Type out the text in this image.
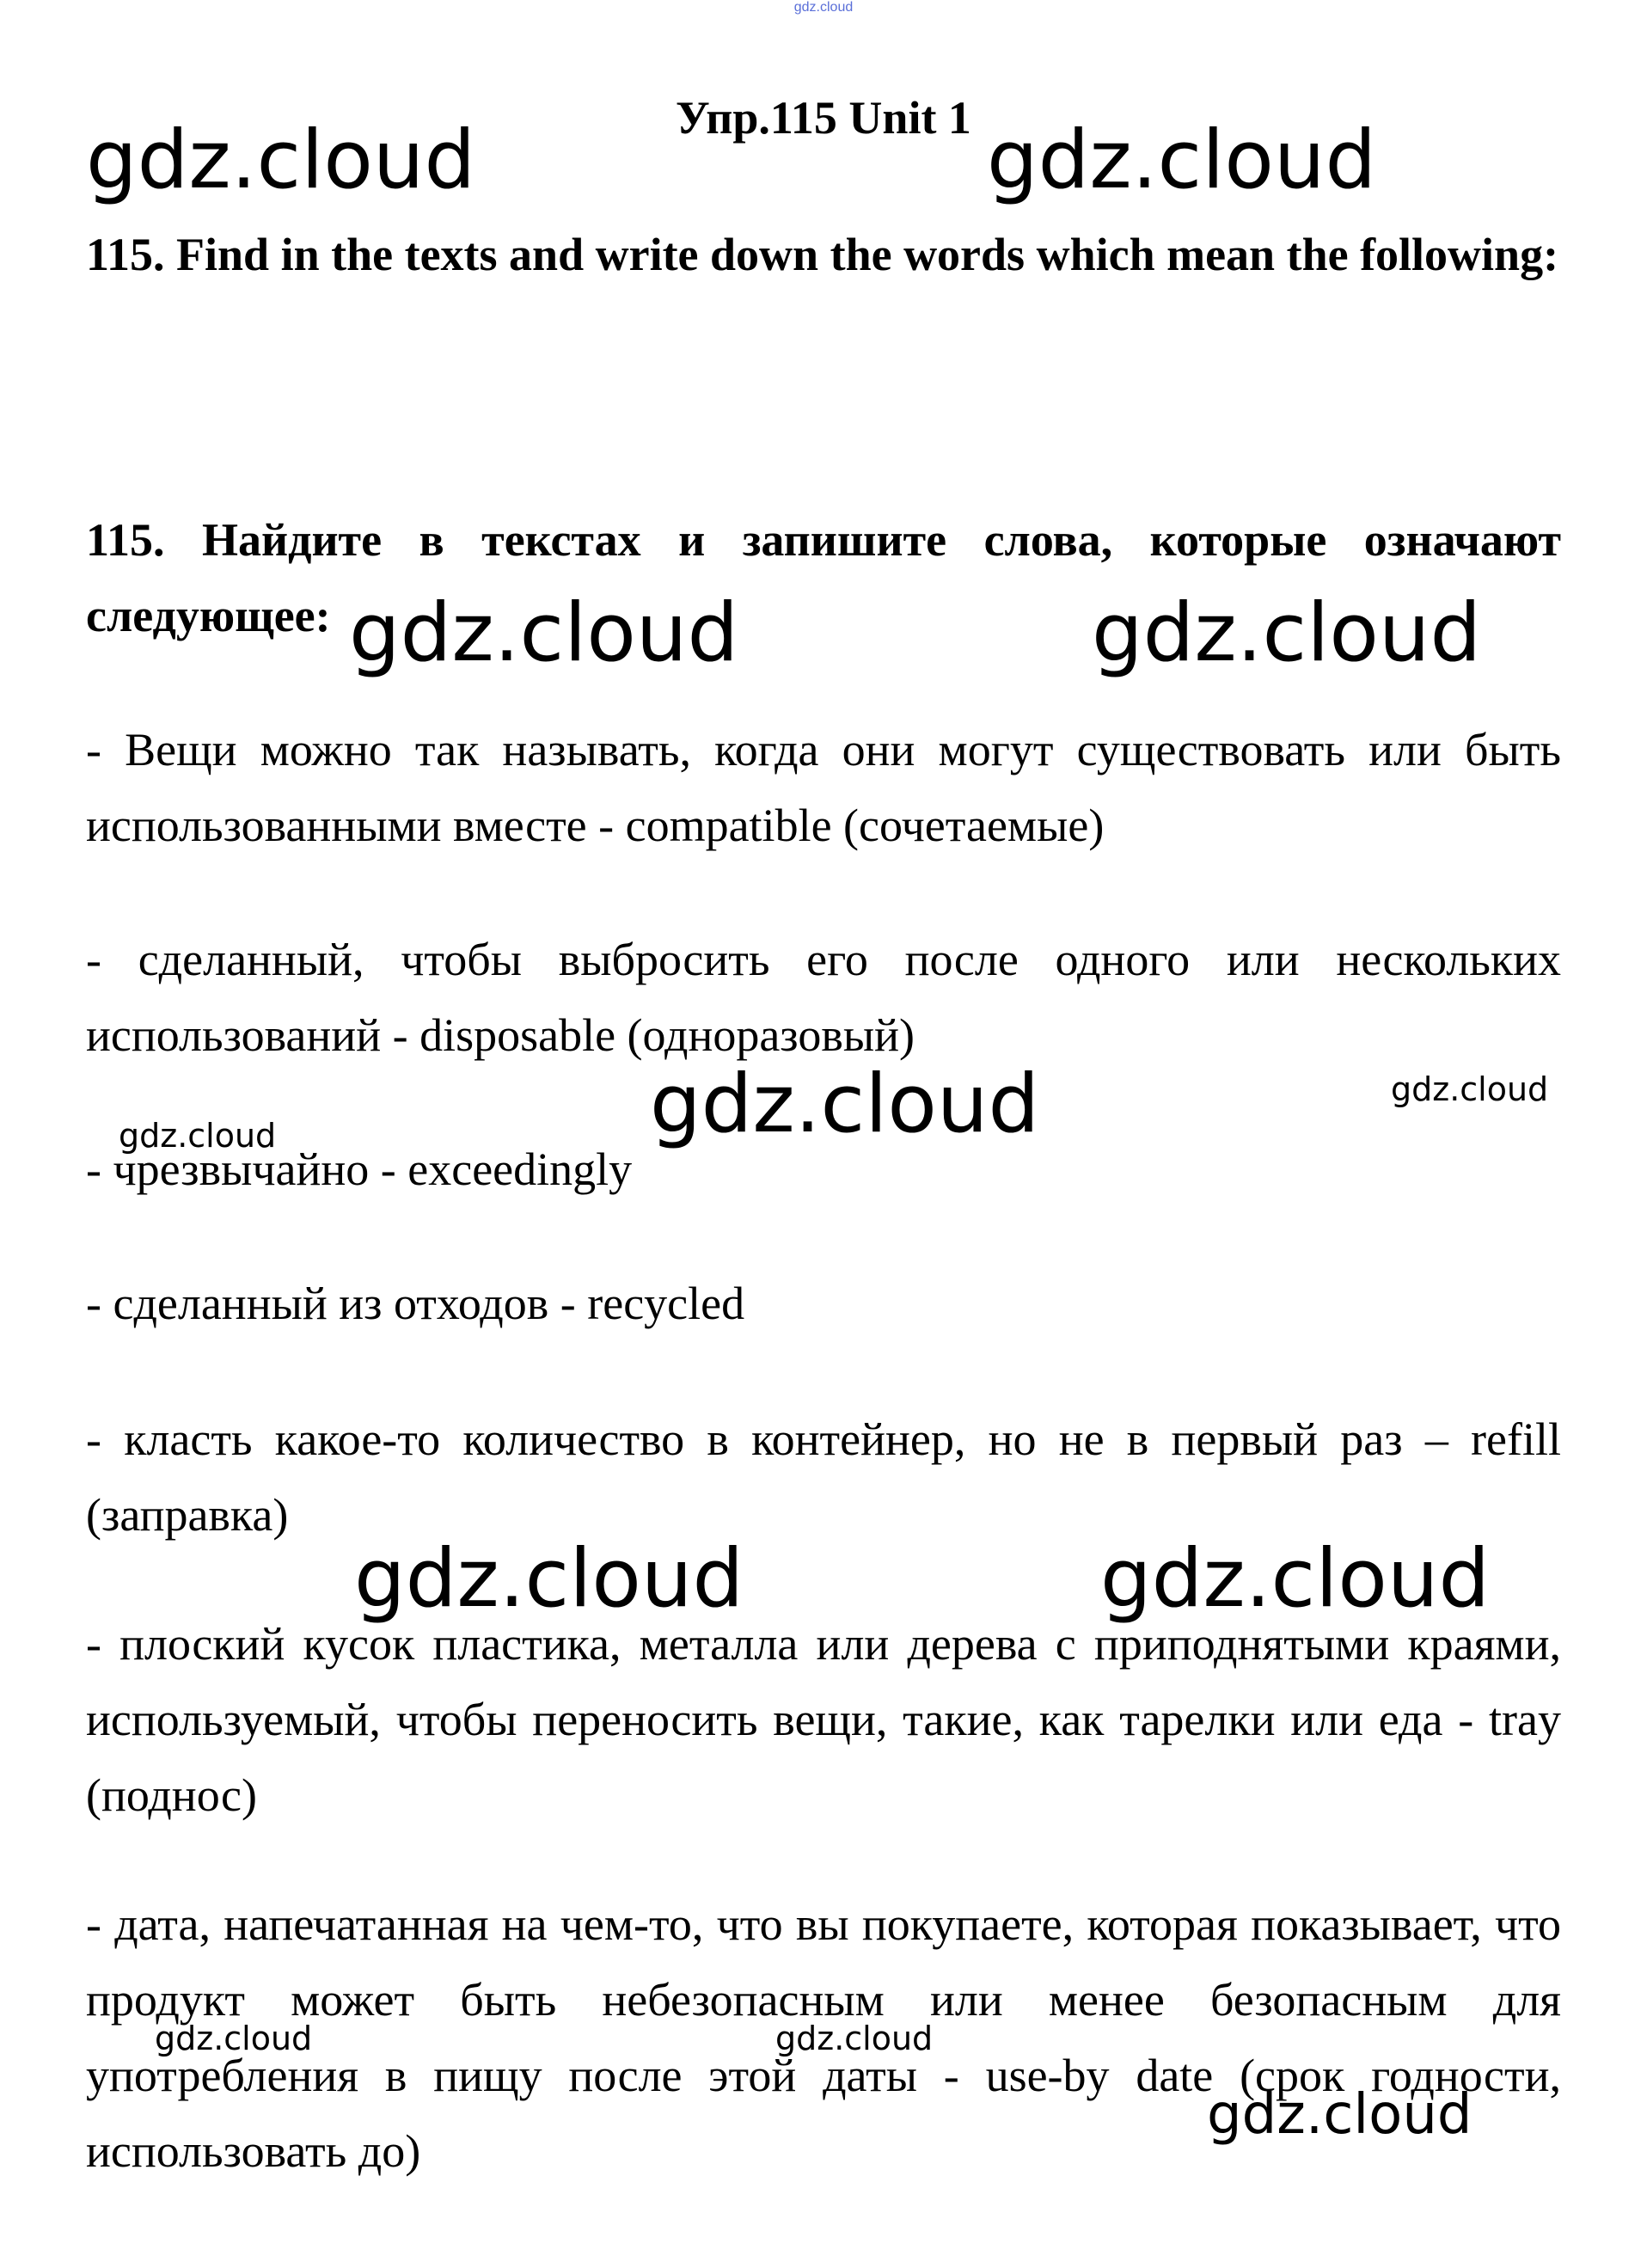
gdz.cloud
Упр.115 Unit 1
115. Find in the texts and write down the words which mean the following:
115. Найдите в текстах и запишите слова, которые означают следующее:
- Вещи можно так называть, когда они могут существовать или быть использованными вместе - compatible (сочетаемые)
- сделанный, чтобы выбросить его после одного или нескольких использований - disposable (одноразовый)
- чрезвычайно - exceedingly
- сделанный из отходов - recycled
- класть какое-то количество в контейнер, но не в первый раз – refill (заправка)
- плоский кусок пластика, металла или дерева с приподнятыми краями, используемый, чтобы переносить вещи, такие, как тарелки или еда - tray (поднос)
- дата, напечатанная на чем-то, что вы покупаете, которая показывает, что продукт может быть небезопасным или менее безопасным для употребления в пищу после этой даты - use-by date (срок годности, использовать до)
gdz.cloud	gdz.cloud
gdz.cloud	gdz.cloud
gdz.cloud	gdz.cloud
gdz.cloud
gdz.cloud	gdz.cloud
gdz.cloud	gdz.cloud
gdz.cloud
